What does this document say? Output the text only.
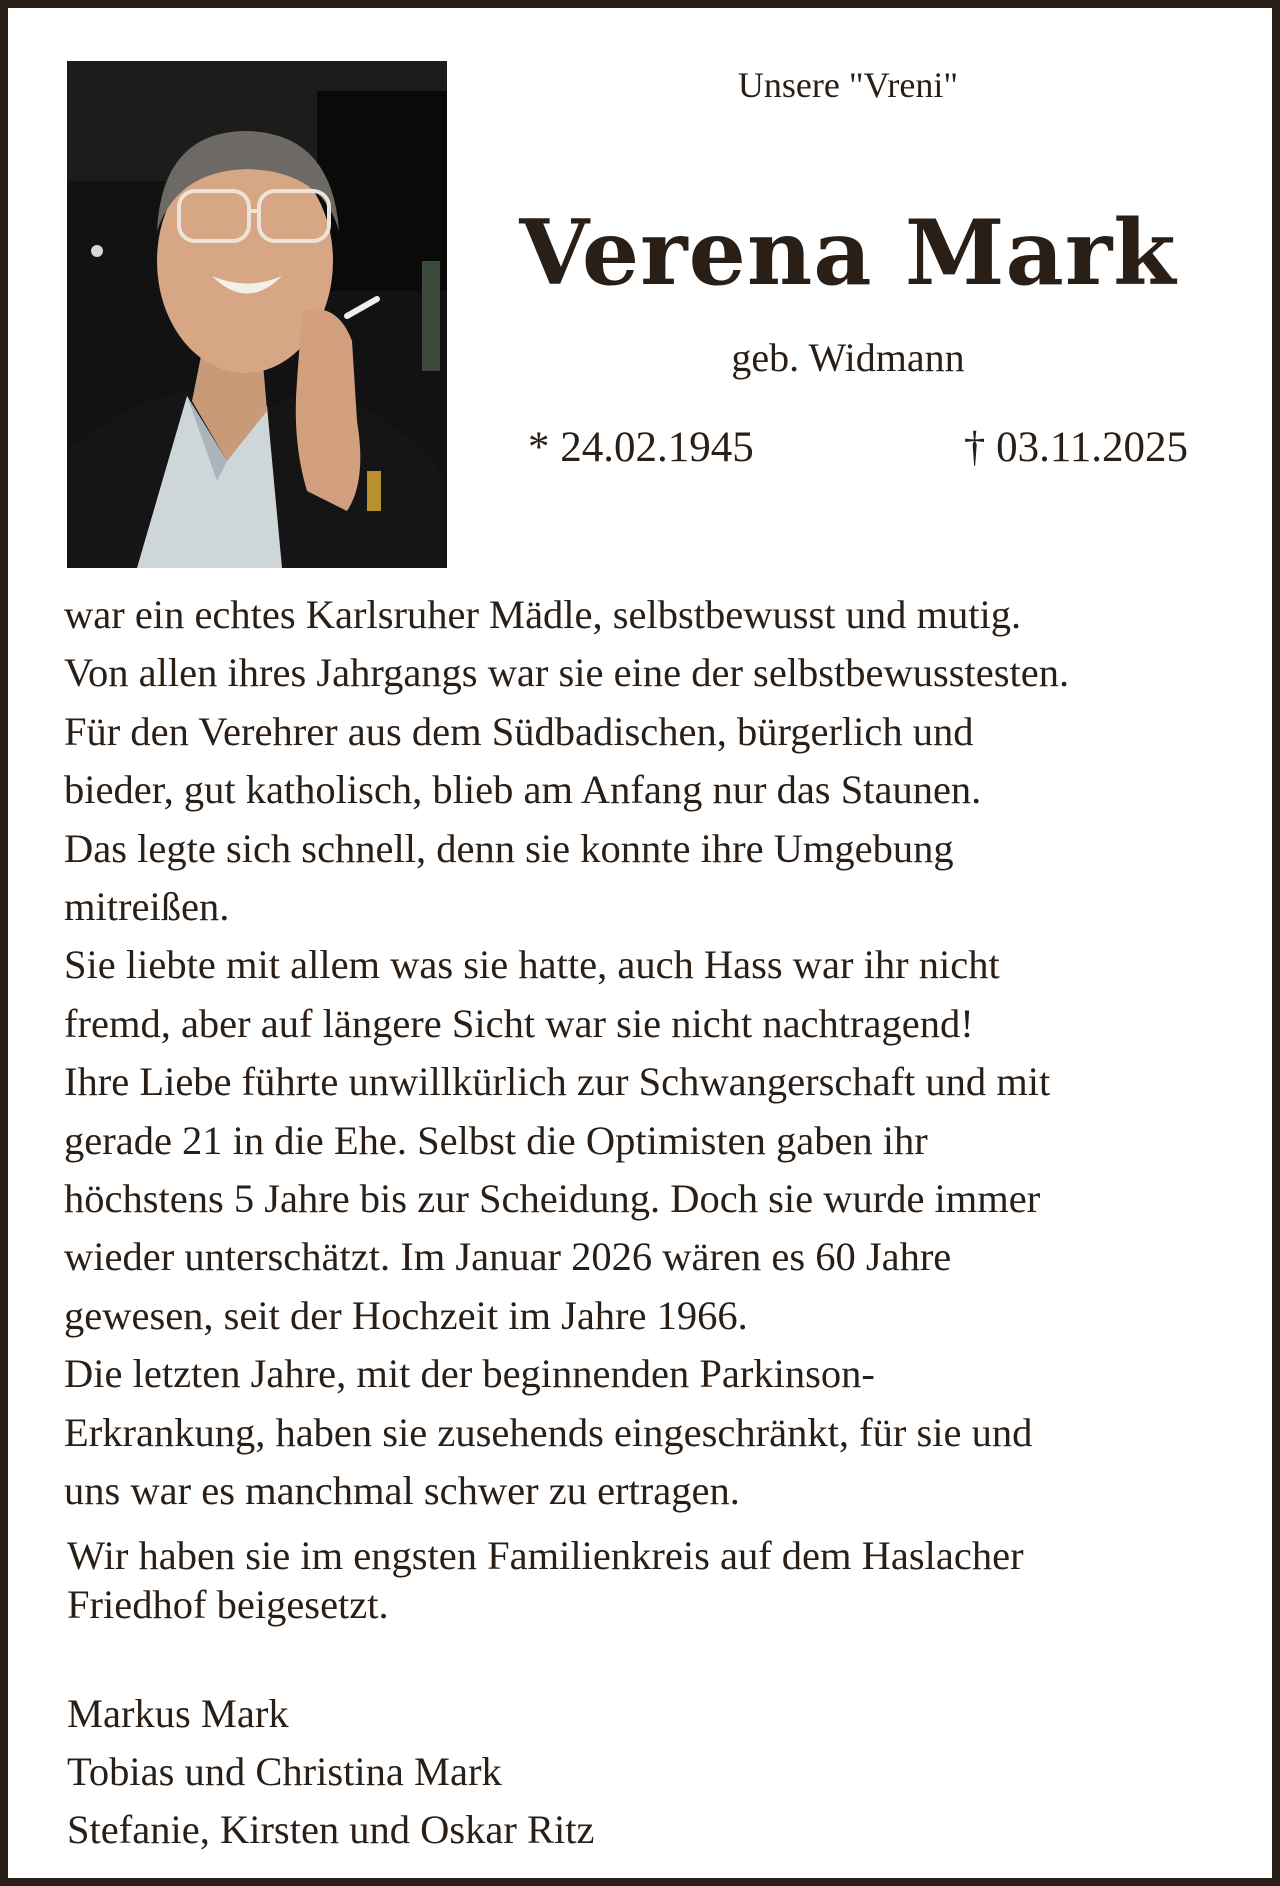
Unsere "Vreni"
Verena Mark
geb. Widmann
* 24.02.1945	† 03.11.2025
war ein echtes Karlsruher Mädle, selbstbewusst und mutig.
Von allen ihres Jahrgangs war sie eine der selbstbewusstesten.
Für den Verehrer aus dem Südbadischen, bürgerlich und
bieder, gut katholisch, blieb am Anfang nur das Staunen.
Das legte sich schnell, denn sie konnte ihre Umgebung
mitreißen.
Sie liebte mit allem was sie hatte, auch Hass war ihr nicht
fremd, aber auf längere Sicht war sie nicht nachtragend!
Ihre Liebe führte unwillkürlich zur Schwangerschaft und mit
gerade 21 in die Ehe. Selbst die Optimisten gaben ihr
höchstens 5 Jahre bis zur Scheidung. Doch sie wurde immer
wieder unterschätzt. Im Januar 2026 wären es 60 Jahre
gewesen, seit der Hochzeit im Jahre 1966.
Die letzten Jahre, mit der beginnenden Parkinson-
Erkrankung, haben sie zusehends eingeschränkt, für sie und
uns war es manchmal schwer zu ertragen.
Wir haben sie im engsten Familienkreis auf dem Haslacher
Friedhof beigesetzt.
Markus Mark
Tobias und Christina Mark
Stefanie, Kirsten und Oskar Ritz
